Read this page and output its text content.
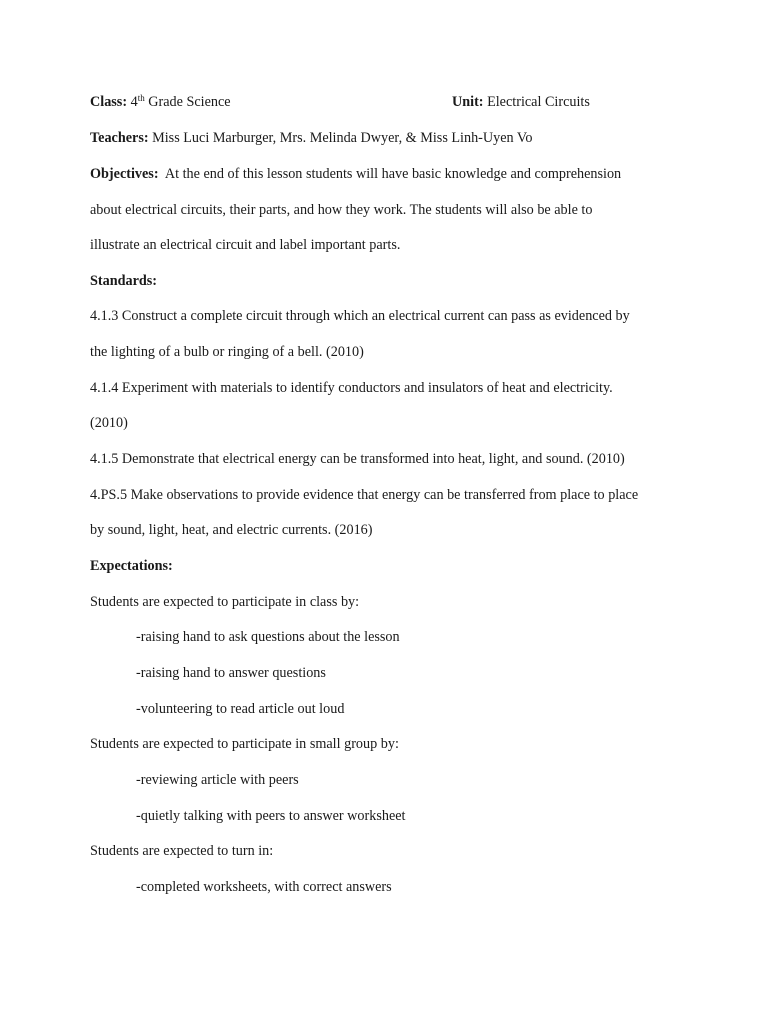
Class: 4th Grade Science	Unit: Electrical Circuits
Teachers: Miss Luci Marburger, Mrs. Melinda Dwyer, & Miss Linh-Uyen Vo
Objectives: At the end of this lesson students will have basic knowledge and comprehension
about electrical circuits, their parts, and how they work. The students will also be able to
illustrate an electrical circuit and label important parts.
Standards:
4.1.3 Construct a complete circuit through which an electrical current can pass as evidenced by
the lighting of a bulb or ringing of a bell. (2010)
4.1.4 Experiment with materials to identify conductors and insulators of heat and electricity.
(2010)
4.1.5 Demonstrate that electrical energy can be transformed into heat, light, and sound. (2010)
4.PS.5 Make observations to provide evidence that energy can be transferred from place to place
by sound, light, heat, and electric currents. (2016)
Expectations:
Students are expected to participate in class by:
-raising hand to ask questions about the lesson
-raising hand to answer questions
-volunteering to read article out loud
Students are expected to participate in small group by:
-reviewing article with peers
-quietly talking with peers to answer worksheet
Students are expected to turn in:
-completed worksheets, with correct answers
